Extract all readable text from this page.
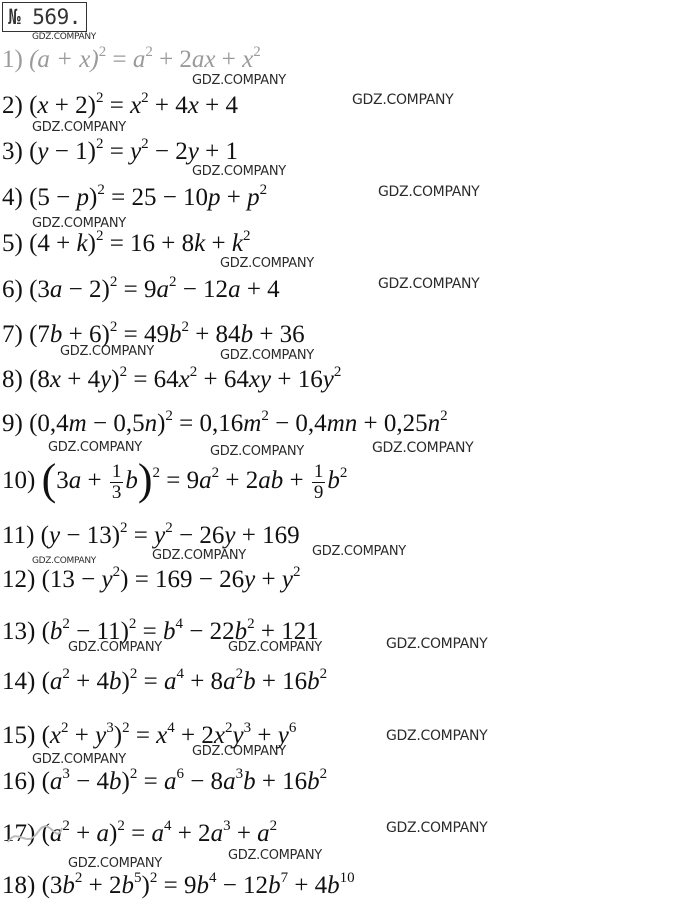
№ 569.
GDZ.COMPANY
GDZ.COMPANY
GDZ.COMPANY
GDZ.COMPANY
GDZ.COMPANY
GDZ.COMPANY
GDZ.COMPANY
GDZ.COMPANY
GDZ.COMPANY
GDZ.COMPANY	GDZ.COMPANY
GDZ.COMPANY	GDZ.COMPANY	GDZ.COMPANY
GDZ.COMPANY	GDZ.COMPANY	GDZ.COMPANY
GDZ.COMPANY	GDZ.COMPANY	GDZ.COMPANY
GDZ.COMPANY
GDZ.COMPANY
GDZ.COMPANY
GDZ.COMPANY
GDZ.COMPANY
GDZ.COMPANY
1) $(a + x)^2 = a^2 + 2ax + x^2$
2) $(x + 2)^2 = x^2 + 4x + 4$
3) $(y - 1)^2 = y^2 - 2y + 1$
4) $(5 - p)^2 = 25 - 10p + p^2$
5) $(4 + k)^2 = 16 + 8k + k^2$
6) $(3a - 2)^2 = 9a^2 - 12a + 4$
7) $(7b + 6)^2 = 49b^2 + 84b + 36$
8) $(8x + 4y)^2 = 64x^2 + 64xy + 16y^2$
9) $(0,4m - 0,5n)^2 = 0,16m^2 - 0,4mn + 0,25n^2$
10) $(3a + \frac{1}{3} b)^2 = 9a^2 + 2ab + \frac{1}{9} b^2$
11) $(y - 13)^2 = y^2 - 26y + 169$
12) $(13 - y^2) = 169 - 26y + y^2$
13) $(b^2 - 11)^2 = b^4 - 22b^2 + 121$
14) $(a^2 + 4b)^2 = a^4 + 8a^2b + 16b^2$
15) $(x^2 + y^3)^2 = x^4 + 2x^2y^3 + y^6$
16) $(a^3 - 4b)^2 = a^6 - 8a^3b + 16b^2$
17) $(a^2 + a)^2 = a^4 + 2a^3 + a^2$
18) $(3b^2 + 2b^5)^2 = 9b^4 - 12b^7 + 4b^{10}$
